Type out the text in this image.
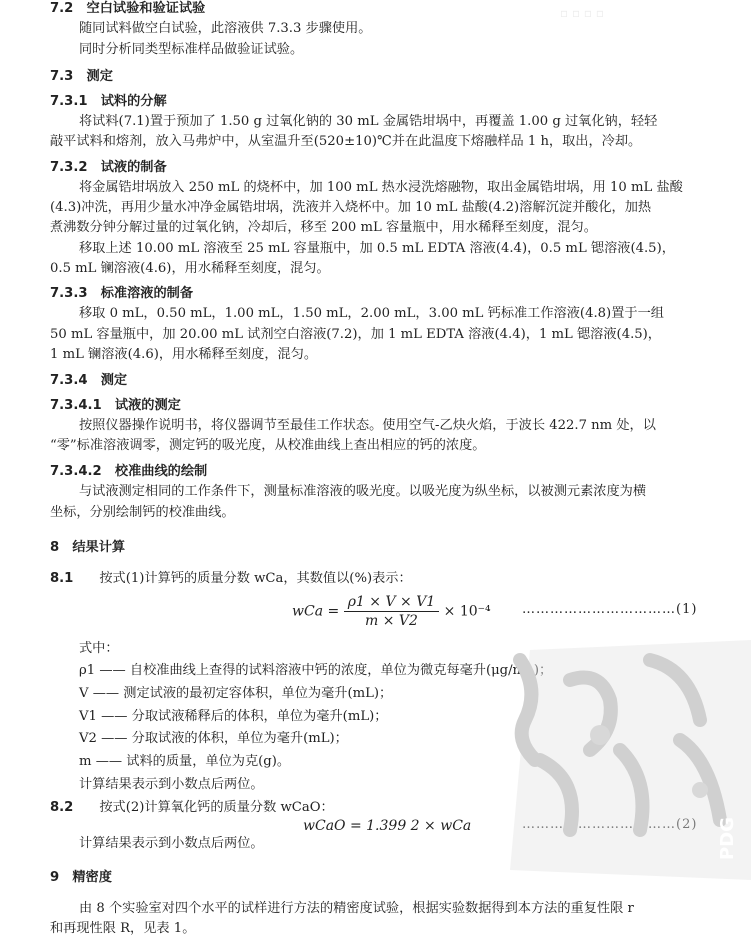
▫ ▫ ▫ ▫
7.2　空白试验和验证试验
随同试料做空白试验，此溶液供 7.3.3 步骤使用。
同时分析同类型标准样品做验证试验。
7.3　测定
7.3.1　试料的分解
将试料(7.1)置于预加了 1.50 g 过氧化钠的 30 mL 金属锆坩埚中，再覆盖 1.00 g 过氧化钠，轻轻
敲平试料和熔剂，放入马弗炉中，从室温升至(520±10)℃并在此温度下熔融样品 1 h，取出，冷却。
7.3.2　试液的制备
将金属锆坩埚放入 250 mL 的烧杯中，加 100 mL 热水浸洗熔融物，取出金属锆坩埚，用 10 mL 盐酸
(4.3)冲洗，再用少量水冲净金属锆坩埚，洗液并入烧杯中。加 10 mL 盐酸(4.2)溶解沉淀并酸化，加热
煮沸数分钟分解过量的过氧化钠，冷却后，移至 200 mL 容量瓶中，用水稀释至刻度，混匀。
移取上述 10.00 mL 溶液至 25 mL 容量瓶中，加 0.5 mL EDTA 溶液(4.4)，0.5 mL 锶溶液(4.5)，
0.5 mL 镧溶液(4.6)，用水稀释至刻度，混匀。
7.3.3　标准溶液的制备
移取 0 mL，0.50 mL，1.00 mL，1.50 mL，2.00 mL，3.00 mL 钙标准工作溶液(4.8)置于一组
50 mL 容量瓶中，加 20.00 mL 试剂空白溶液(7.2)，加 1 mL EDTA 溶液(4.4)，1 mL 锶溶液(4.5)，
1 mL 镧溶液(4.6)，用水稀释至刻度，混匀。
7.3.4　测定
7.3.4.1　试液的测定
按照仪器操作说明书，将仪器调节至最佳工作状态。使用空气-乙炔火焰，于波长 422.7 nm 处，以
“零”标准溶液调零，测定钙的吸光度，从校准曲线上查出相应的钙的浓度。
7.3.4.2　校准曲线的绘制
与试液测定相同的工作条件下，测量标准溶液的吸光度。以吸光度为纵坐标，以被测元素浓度为横
坐标，分别绘制钙的校准曲线。
8　结果计算
8.1 按式(1)计算钙的质量分数 wCa，其数值以(%)表示：
wCa = $\frac{\rho 1 \times V \times V1}{m \times V2} \times 10^{-4}$ ……………………………(1)
式中：
ρ1 —— 自校准曲线上查得的试料溶液中钙的浓度，单位为微克每毫升(μg/mL)；
V —— 测定试液的最初定容体积，单位为毫升(mL)；
V1 —— 分取试液稀释后的体积，单位为毫升(mL)；
V2 —— 分取试液的体积，单位为毫升(mL)；
m —— 试料的质量，单位为克(g)。
计算结果表示到小数点后两位。
8.2 按式(2)计算氧化钙的质量分数 wCaO：
wCaO = 1.399 2 × wCa	……………………………(2)
计算结果表示到小数点后两位。
9　精密度
由 8 个实验室对四个水平的试样进行方法的精密度试验，根据实验数据得到本方法的重复性限 r
和再现性限 R，见表 1。
PDG
